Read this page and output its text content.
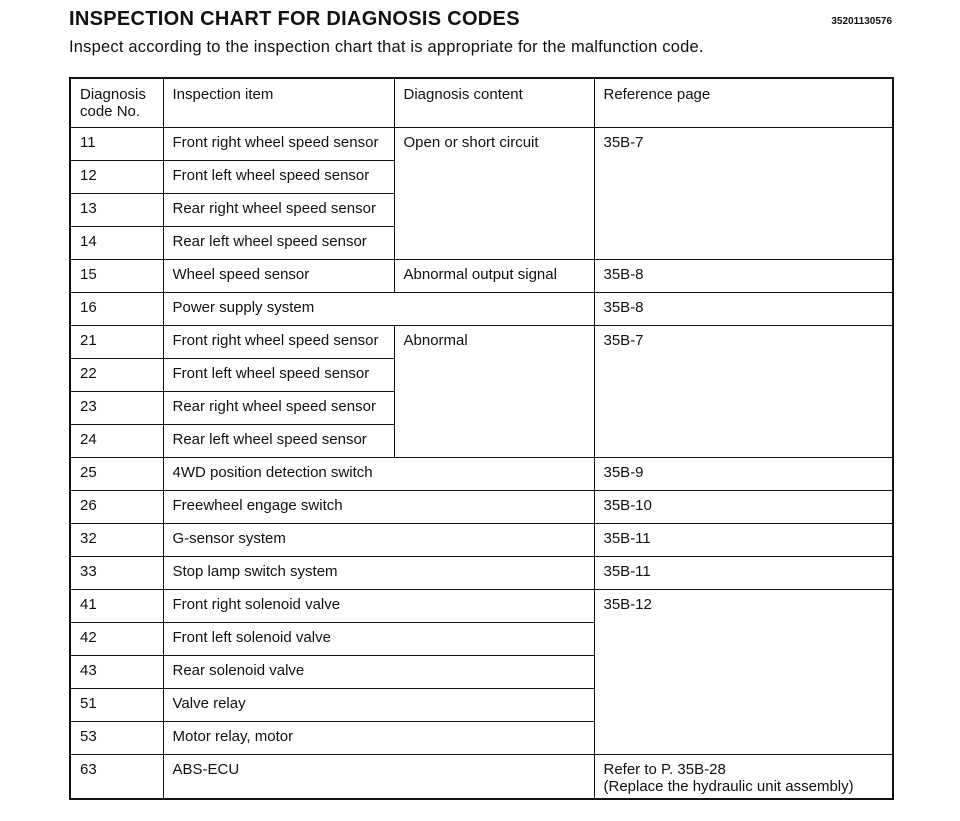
INSPECTION CHART FOR DIAGNOSIS CODES	35201130576

Inspect according to the inspection chart that is appropriate for the malfunction code.

Diagnosis code No.	Inspection item	Diagnosis content	Reference page
11	Front right wheel speed sensor	Open or short circuit	35B-7
12	Front left wheel speed sensor		
13	Rear right wheel speed sensor		
14	Rear left wheel speed sensor		
15	Wheel speed sensor	Abnormal output signal	35B-8
16	Power supply system		35B-8
21	Front right wheel speed sensor	Abnormal	35B-7
22	Front left wheel speed sensor		
23	Rear right wheel speed sensor		
24	Rear left wheel speed sensor		
25	4WD position detection switch		35B-9
26	Freewheel engage switch		35B-10
32	G-sensor system		35B-11
33	Stop lamp switch system		35B-11
41	Front right solenoid valve		35B-12
42	Front left solenoid valve		
43	Rear solenoid valve		
51	Valve relay		
53	Motor relay, motor		
63	ABS-ECU		Refer to P. 35B-28
(Replace the hydraulic unit assembly)
